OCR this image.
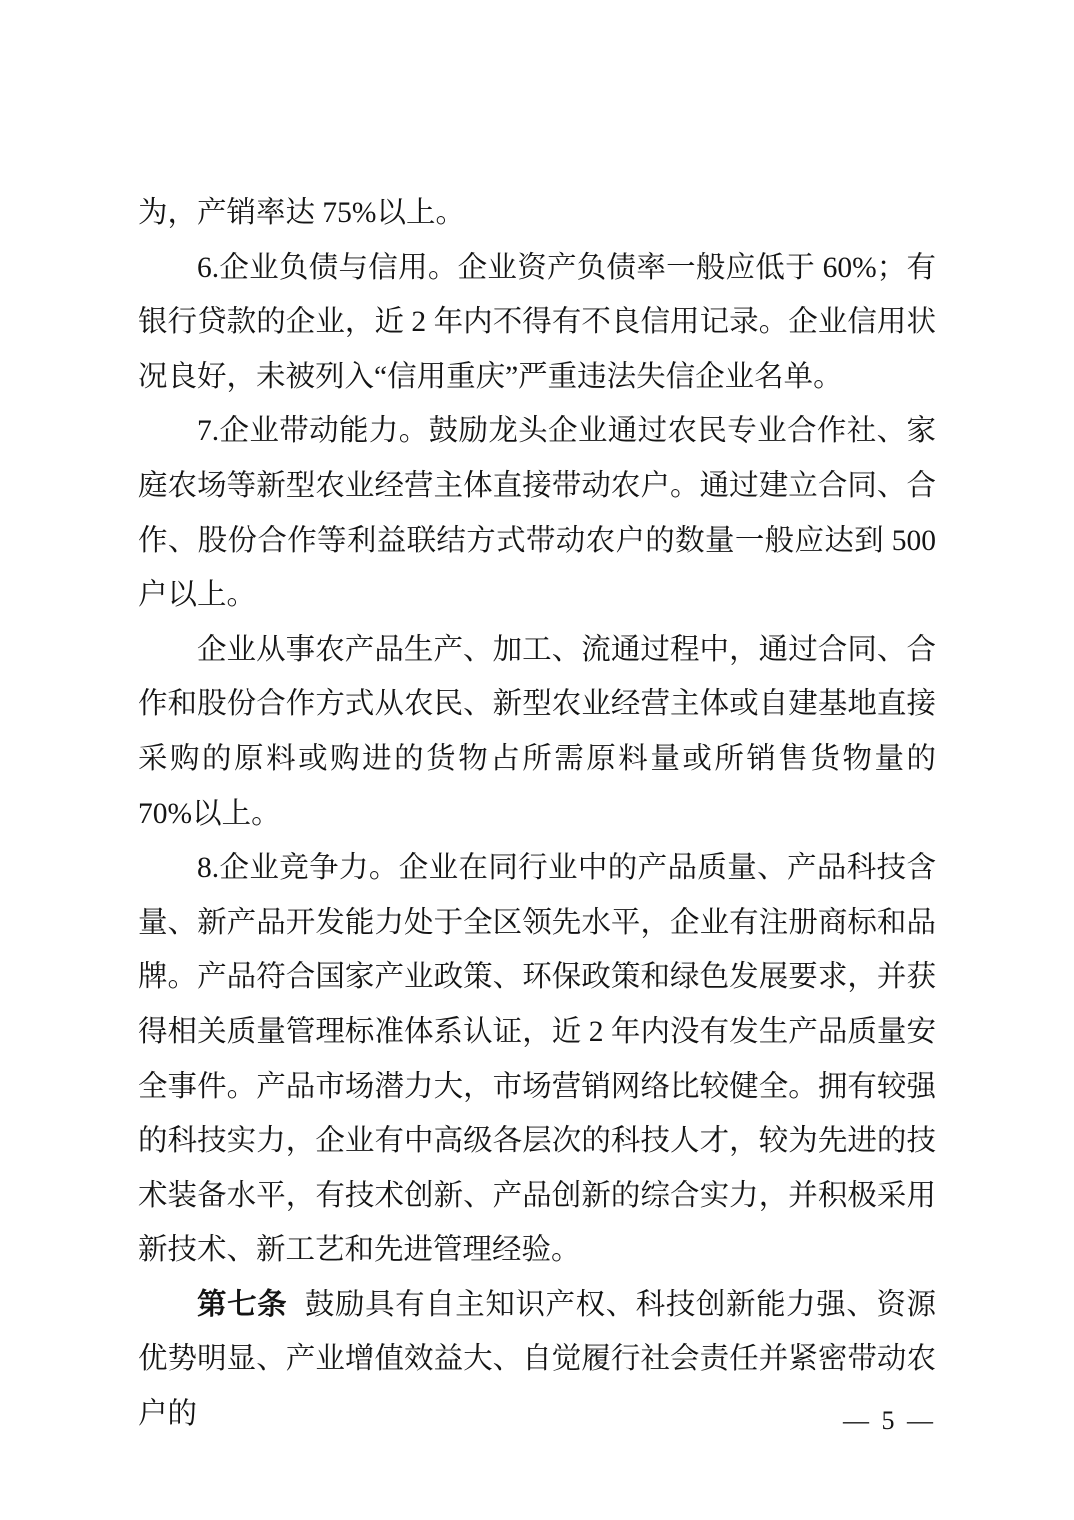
为，产销率达 75%以上。

6.企业负债与信用。企业资产负债率一般应低于 60%；有银行贷款的企业，近 2 年内不得有不良信用记录。企业信用状况良好，未被列入“信用重庆”严重违法失信企业名单。

7.企业带动能力。鼓励龙头企业通过农民专业合作社、家庭农场等新型农业经营主体直接带动农户。通过建立合同、合作、股份合作等利益联结方式带动农户的数量一般应达到 500 户以上。

企业从事农产品生产、加工、流通过程中，通过合同、合作和股份合作方式从农民、新型农业经营主体或自建基地直接采购的原料或购进的货物占所需原料量或所销售货物量的 70%以上。

8.企业竞争力。企业在同行业中的产品质量、产品科技含量、新产品开发能力处于全区领先水平，企业有注册商标和品牌。产品符合国家产业政策、环保政策和绿色发展要求，并获得相关质量管理标准体系认证，近 2 年内没有发生产品质量安全事件。产品市场潜力大，市场营销网络比较健全。拥有较强的科技实力，企业有中高级各层次的科技人才，较为先进的技术装备水平，有技术创新、产品创新的综合实力，并积极采用新技术、新工艺和先进管理经验。

第七条 鼓励具有自主知识产权、科技创新能力强、资源优势明显、产业增值效益大、自觉履行社会责任并紧密带动农户的	— 5 —
